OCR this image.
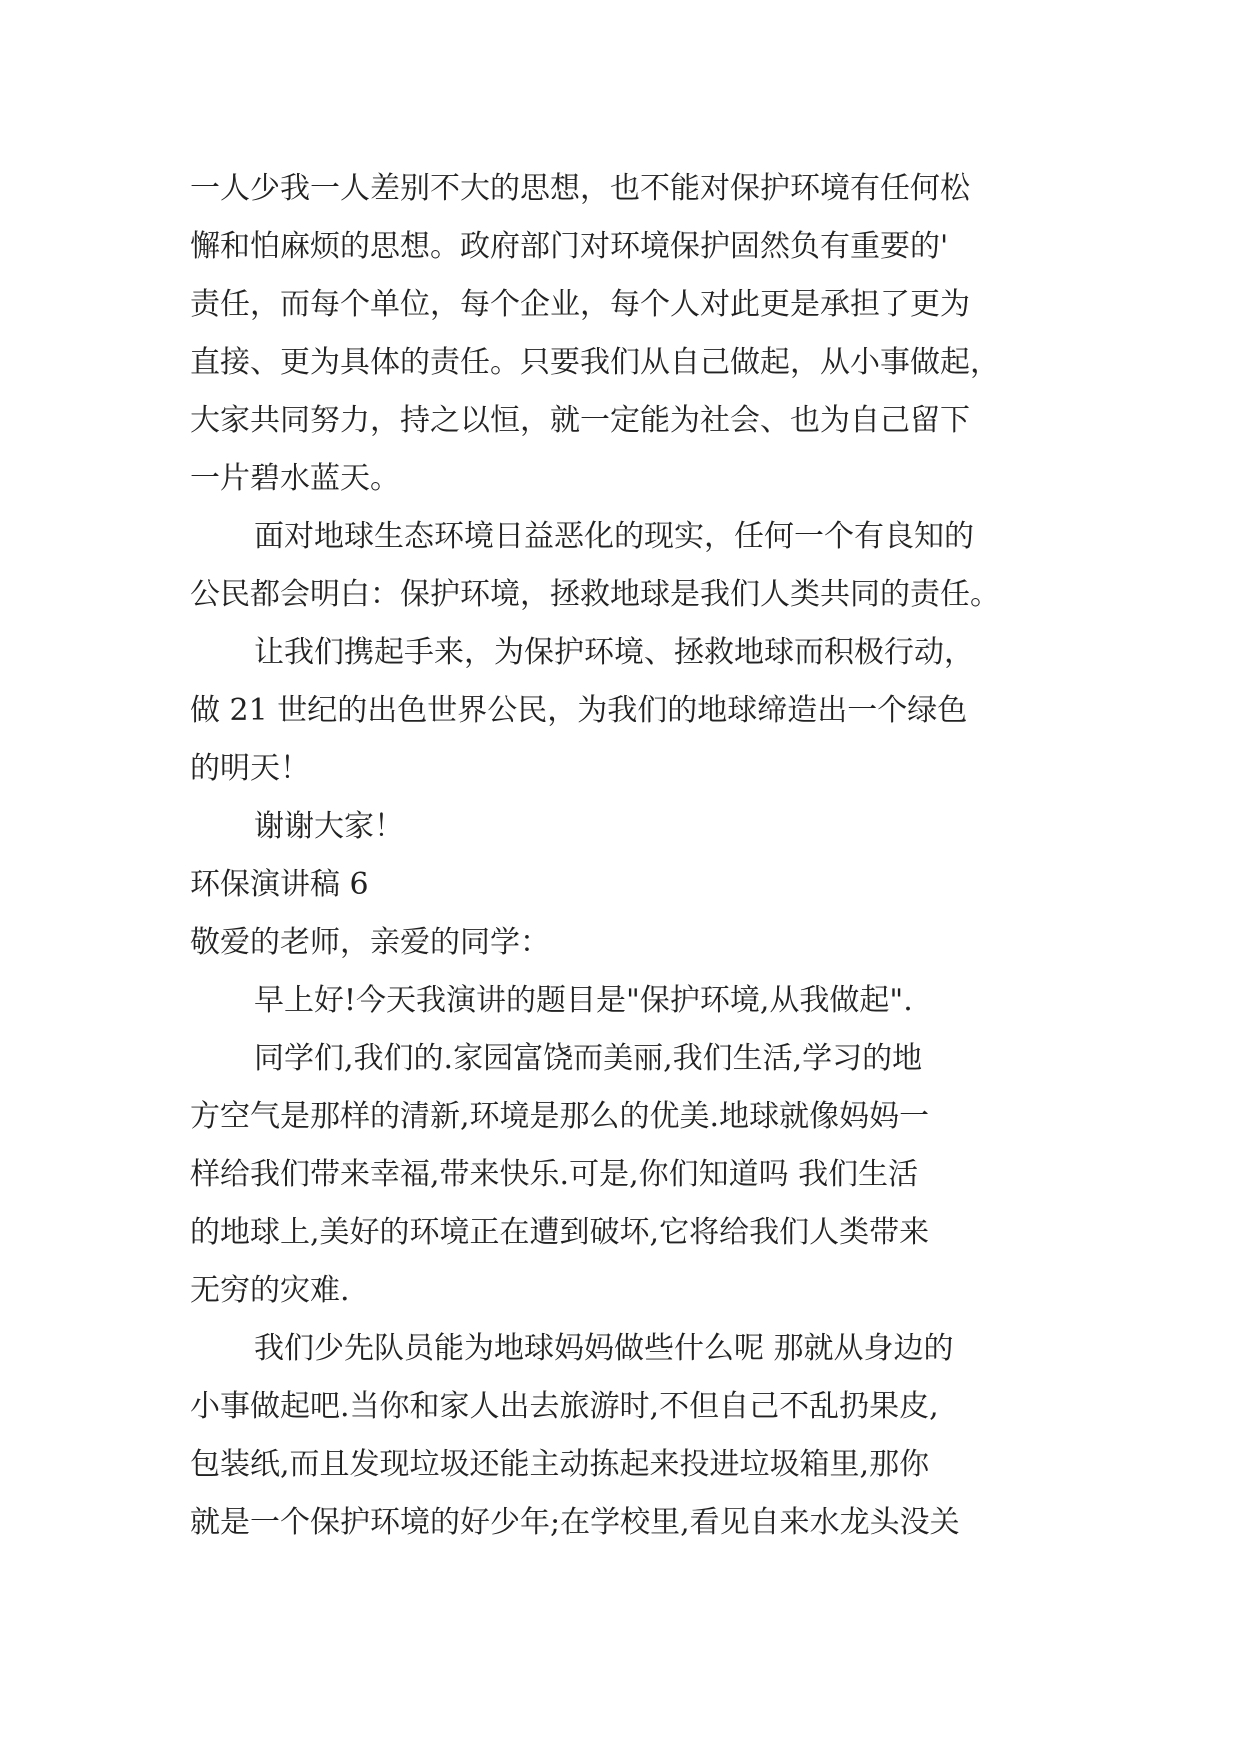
一人少我一人差别不大的思想，也不能对保护环境有任何松
懈和怕麻烦的思想。政府部门对环境保护固然负有重要的'
责任，而每个单位，每个企业，每个人对此更是承担了更为
直接、更为具体的责任。只要我们从自己做起，从小事做起，
大家共同努力，持之以恒，就一定能为社会、也为自己留下
一片碧水蓝天。
面对地球生态环境日益恶化的现实，任何一个有良知的
公民都会明白：保护环境，拯救地球是我们人类共同的责任。
让我们携起手来，为保护环境、拯救地球而积极行动，
做 21 世纪的出色世界公民，为我们的地球缔造出一个绿色
的明天！
谢谢大家！
环保演讲稿 6
敬爱的老师，亲爱的同学：
早上好!今天我演讲的题目是"保护环境,从我做起".
同学们,我们的.家园富饶而美丽,我们生活,学习的地
方空气是那样的清新,环境是那么的优美.地球就像妈妈一
样给我们带来幸福,带来快乐.可是,你们知道吗 我们生活
的地球上,美好的环境正在遭到破坏,它将给我们人类带来
无穷的灾难.
我们少先队员能为地球妈妈做些什么呢 那就从身边的
小事做起吧.当你和家人出去旅游时,不但自己不乱扔果皮,
包装纸,而且发现垃圾还能主动拣起来投进垃圾箱里,那你
就是一个保护环境的好少年;在学校里,看见自来水龙头没关
